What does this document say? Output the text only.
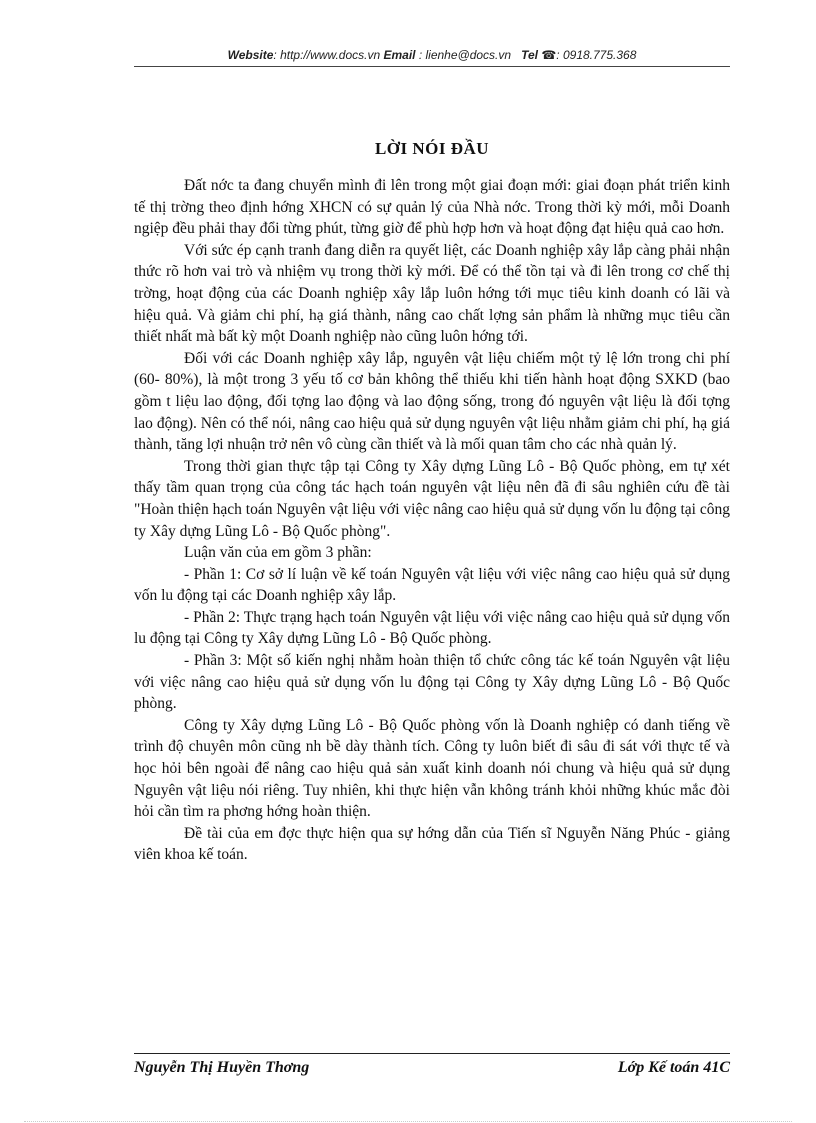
Website: http://www.docs.vn Email : lienhe@docs.vn Tel ☎: 0918.775.368
LỜI NÓI ĐẦU

Đất nớc ta đang chuyển mình đi lên trong một giai đoạn mới: giai đoạn phát triển kinh tế thị trờng theo định hớng XHCN có sự quản lý của Nhà nớc. Trong thời kỳ mới, mỗi Doanh ngiệp đều phải thay đổi từng phút, từng giờ để phù hợp hơn và hoạt động đạt hiệu quả cao hơn.

Với sức ép cạnh tranh đang diễn ra quyết liệt, các Doanh nghiệp xây lắp càng phải nhận thức rõ hơn vai trò và nhiệm vụ trong thời kỳ mới. Để có thể tồn tại và đi lên trong cơ chế thị trờng, hoạt động của các Doanh nghiệp xây lắp luôn hớng tới mục tiêu kinh doanh có lãi và hiệu quả. Và giảm chi phí, hạ giá thành, nâng cao chất lợng sản phẩm là những mục tiêu cần thiết nhất mà bất kỳ một Doanh nghiệp nào cũng luôn hớng tới.

Đối với các Doanh nghiệp xây lắp, nguyên vật liệu chiếm một tỷ lệ lớn trong chi phí (60- 80%), là một trong 3 yếu tố cơ bản không thể thiếu khi tiến hành hoạt động SXKD (bao gồm t liệu lao động, đối tợng lao động và lao động sống, trong đó nguyên vật liệu là đối tợng lao động). Nên có thể nói, nâng cao hiệu quả sử dụng nguyên vật liệu nhằm giảm chi phí, hạ giá thành, tăng lợi nhuận trở nên vô cùng cần thiết và là mối quan tâm cho các nhà quản lý.

Trong thời gian thực tập tại Công ty Xây dựng Lũng Lô - Bộ Quốc phòng, em tự xét thấy tầm quan trọng của công tác hạch toán nguyên vật liệu nên đã đi sâu nghiên cứu đề tài "Hoàn thiện hạch toán Nguyên vật liệu với việc nâng cao hiệu quả sử dụng vốn lu động tại công ty Xây dựng Lũng Lô - Bộ Quốc phòng".

Luận văn của em gồm 3 phần:

- Phần 1: Cơ sở lí luận về kế toán Nguyên vật liệu với việc nâng cao hiệu quả sử dụng vốn lu động tại các Doanh nghiệp xây lắp.

- Phần 2: Thực trạng hạch toán Nguyên vật liệu với việc nâng cao hiệu quả sử dụng vốn lu động tại Công ty Xây dựng Lũng Lô - Bộ Quốc phòng.

- Phần 3: Một số kiến nghị nhằm hoàn thiện tổ chức công tác kế toán Nguyên vật liệu với việc nâng cao hiệu quả sử dụng vốn lu động tại Công ty Xây dựng Lũng Lô - Bộ Quốc phòng.

Công ty Xây dựng Lũng Lô - Bộ Quốc phòng vốn là Doanh nghiệp có danh tiếng về trình độ chuyên môn cũng nh bề dày thành tích. Công ty luôn biết đi sâu đi sát với thực tế và học hỏi bên ngoài để nâng cao hiệu quả sản xuất kinh doanh nói chung và hiệu quả sử dụng Nguyên vật liệu nói riêng. Tuy nhiên, khi thực hiện vẫn không tránh khỏi những khúc mắc đòi hỏi cần tìm ra phơng hớng hoàn thiện.

Đề tài của em đợc thực hiện qua sự hớng dẫn của Tiến sĩ Nguyễn Năng Phúc - giảng viên khoa kế toán.

Nguyễn Thị Huyền Thơng	Lớp Kế toán 41C
